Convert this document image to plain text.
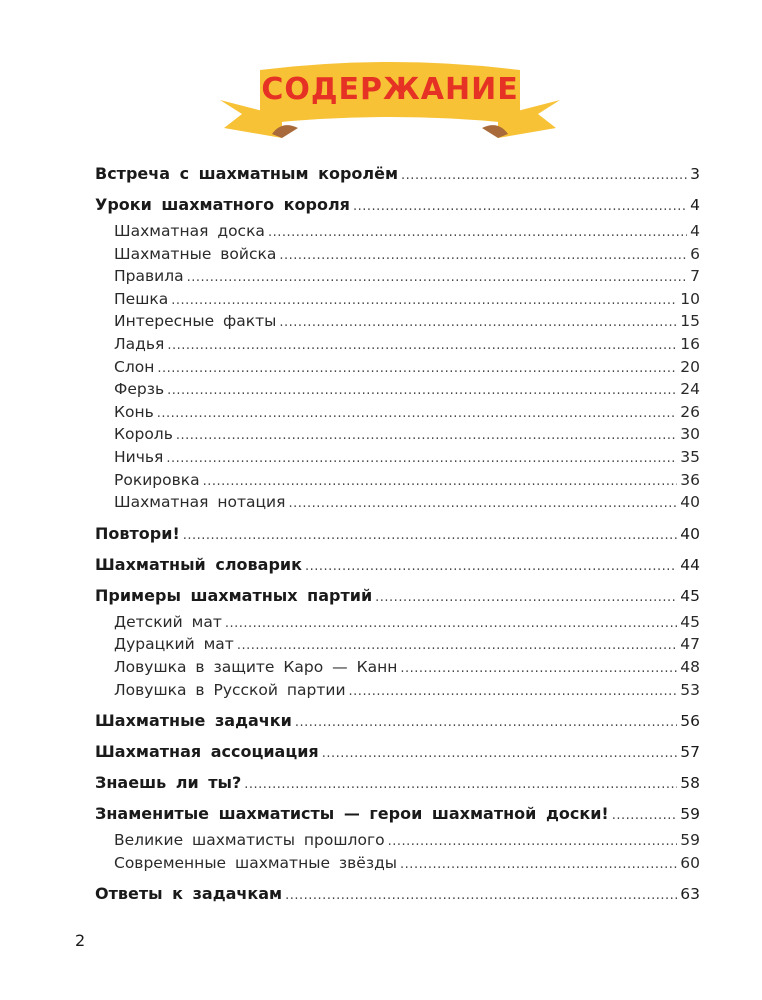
СОДЕРЖАНИЕ
Встреча с шахматным королём .....	3
Уроки шахматного короля .....	4
Шахматная доска .....	4
Шахматные войска .....	6
Правила .....	7
Пешка .....	10
Интересные факты .....	15
Ладья .....	16
Слон .....	20
Ферзь .....	24
Конь .....	26
Король .....	30
Ничья .....	35
Рокировка .....	36
Шахматная нотация .....	40
Повтори! .....	40
Шахматный словарик .....	44
Примеры шахматных партий .....	45
Детский мат .....	45
Дурацкий мат .....	47
Ловушка в защите Каро — Канн .....	48
Ловушка в Русской партии .....	53
Шахматные задачки .....	56
Шахматная ассоциация .....	57
Знаешь ли ты? .....	58
Знаменитые шахматисты — герои шахматной доски! .....	59
Великие шахматисты прошлого .....	59
Современные шахматные звёзды .....	60
Ответы к задачкам .....	63
2
